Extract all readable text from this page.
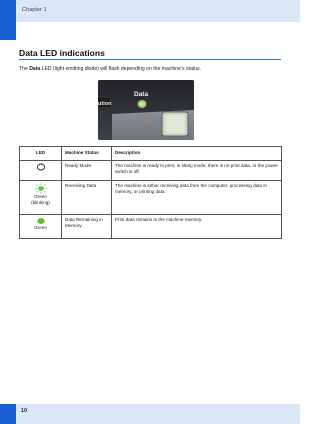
Chapter 1
Data LED indications
The Data LED (light emitting diode) will flash depending on the machine’s status.
ution
Data
LED	Machine Status	Description

	Ready Mode	The machine is ready to print, in sleep mode, there is no print data, or the power switch is off.

Green
(blinking)	Receiving Data	The machine is either receiving data from the computer, processing data in memory, or printing data.

Green	Data Remaining in Memory	Print data remains in the machine memory.
10
